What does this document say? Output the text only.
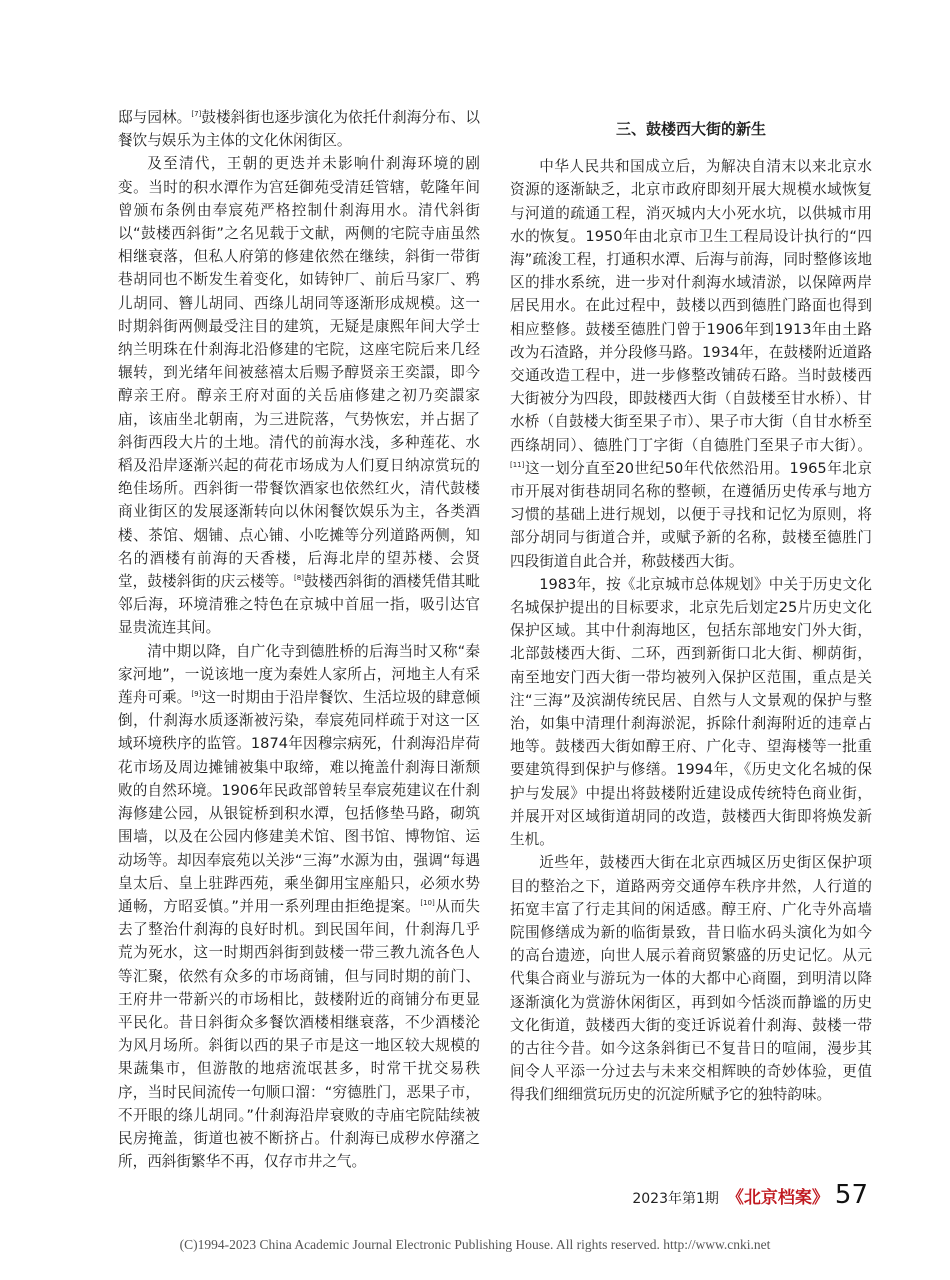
邸与园林。[7]鼓楼斜街也逐步演化为依托什刹海分布、以餐饮与娱乐为主体的文化休闲街区。

及至清代，王朝的更迭并未影响什刹海环境的剧变。当时的积水潭作为宫廷御苑受清廷管辖，乾隆年间曾颁布条例由奉宸苑严格控制什刹海用水。清代斜街以“鼓楼西斜街”之名见载于文献，两侧的宅院寺庙虽然相继衰落，但私人府第的修建依然在继续，斜街一带街巷胡同也不断发生着变化，如铸钟厂、前后马家厂、鸦儿胡同、簪儿胡同、西绦儿胡同等逐渐形成规模。这一时期斜街两侧最受注目的建筑，无疑是康熙年间大学士纳兰明珠在什刹海北沿修建的宅院，这座宅院后来几经辗转，到光绪年间被慈禧太后赐予醇贤亲王奕譞，即今醇亲王府。醇亲王府对面的关岳庙修建之初乃奕譞家庙，该庙坐北朝南，为三进院落，气势恢宏，并占据了斜街西段大片的土地。清代的前海水浅，多种莲花、水稻及沿岸逐渐兴起的荷花市场成为人们夏日纳凉赏玩的绝佳场所。西斜街一带餐饮酒家也依然红火，清代鼓楼商业街区的发展逐渐转向以休闲餐饮娱乐为主，各类酒楼、茶馆、烟铺、点心铺、小吃摊等分列道路两侧，知名的酒楼有前海的天香楼，后海北岸的望苏楼、会贤堂，鼓楼斜街的庆云楼等。[8]鼓楼西斜街的酒楼凭借其毗邻后海，环境清雅之特色在京城中首屈一指，吸引达官显贵流连其间。

清中期以降，自广化寺到德胜桥的后海当时又称“秦家河地”，一说该地一度为秦姓人家所占，河地主人有采莲舟可乘。[9]这一时期由于沿岸餐饮、生活垃圾的肆意倾倒，什刹海水质逐渐被污染，奉宸苑同样疏于对这一区域环境秩序的监管。1874年因穆宗病死，什刹海沿岸荷花市场及周边摊铺被集中取缔，难以掩盖什刹海日渐颓败的自然环境。1906年民政部曾转呈奉宸苑建议在什刹海修建公园，从银锭桥到积水潭，包括修垫马路，砌筑围墙，以及在公园内修建美术馆、图书馆、博物馆、运动场等。却因奉宸苑以关涉“三海”水源为由，强调“每遇皇太后、皇上驻跸西苑，乘坐御用宝座船只，必须水势通畅，方昭妥慎。”并用一系列理由拒绝提案。[10]从而失去了整治什刹海的良好时机。到民国年间，什刹海几乎荒为死水，这一时期西斜街到鼓楼一带三教九流各色人等汇聚，依然有众多的市场商铺，但与同时期的前门、王府井一带新兴的市场相比，鼓楼附近的商铺分布更显平民化。昔日斜街众多餐饮酒楼相继衰落，不少酒楼沦为风月场所。斜街以西的果子市是这一地区较大规模的果蔬集市，但游散的地痞流氓甚多，时常干扰交易秩序，当时民间流传一句顺口溜：“穷德胜门，恶果子市，不开眼的绦儿胡同。”什刹海沿岸衰败的寺庙宅院陆续被民房掩盖，街道也被不断挤占。什刹海已成秽水停潴之所，西斜街繁华不再，仅存市井之气。

三、鼓楼西大街的新生

中华人民共和国成立后，为解决自清末以来北京水资源的逐渐缺乏，北京市政府即刻开展大规模水域恢复与河道的疏通工程，消灭城内大小死水坑，以供城市用水的恢复。1950年由北京市卫生工程局设计执行的“四海”疏浚工程，打通积水潭、后海与前海，同时整修该地区的排水系统，进一步对什刹海水域清淤，以保障两岸居民用水。在此过程中，鼓楼以西到德胜门路面也得到相应整修。鼓楼至德胜门曾于1906年到1913年由土路改为石渣路，并分段修马路。1934年，在鼓楼附近道路交通改造工程中，进一步修整改铺砖石路。当时鼓楼西大街被分为四段，即鼓楼西大街（自鼓楼至甘水桥）、甘水桥（自鼓楼大街至果子市）、果子市大街（自甘水桥至西绦胡同）、德胜门丁字街（自德胜门至果子市大街）。[11]这一划分直至20世纪50年代依然沿用。1965年北京市开展对街巷胡同名称的整顿，在遵循历史传承与地方习惯的基础上进行规划，以便于寻找和记忆为原则，将部分胡同与街道合并，或赋予新的名称，鼓楼至德胜门四段街道自此合并，称鼓楼西大街。

1983年，按《北京城市总体规划》中关于历史文化名城保护提出的目标要求，北京先后划定25片历史文化保护区域。其中什刹海地区，包括东部地安门外大街，北部鼓楼西大街、二环，西到新街口北大街、柳荫街，南至地安门西大街一带均被列入保护区范围，重点是关注“三海”及滨湖传统民居、自然与人文景观的保护与整治，如集中清理什刹海淤泥，拆除什刹海附近的违章占地等。鼓楼西大街如醇王府、广化寺、望海楼等一批重要建筑得到保护与修缮。1994年，《历史文化名城的保护与发展》中提出将鼓楼附近建设成传统特色商业街，并展开对区域街道胡同的改造，鼓楼西大街即将焕发新生机。

近些年，鼓楼西大街在北京西城区历史街区保护项目的整治之下，道路两旁交通停车秩序井然，人行道的拓宽丰富了行走其间的闲适感。醇王府、广化寺外高墙院围修缮成为新的临街景致，昔日临水码头演化为如今的高台遗迹，向世人展示着商贸繁盛的历史记忆。从元代集合商业与游玩为一体的大都中心商圈，到明清以降逐渐演化为赏游休闲街区，再到如今恬淡而静谧的历史文化街道，鼓楼西大街的变迁诉说着什刹海、鼓楼一带的古往今昔。如今这条斜街已不复昔日的喧闹，漫步其间令人平添一分过去与未来交相辉映的奇妙体验，更值得我们细细赏玩历史的沉淀所赋予它的独特韵味。

2023年第1期 《北京档案》 57
(C)1994-2023 China Academic Journal Electronic Publishing House. All rights reserved. http://www.cnki.net
